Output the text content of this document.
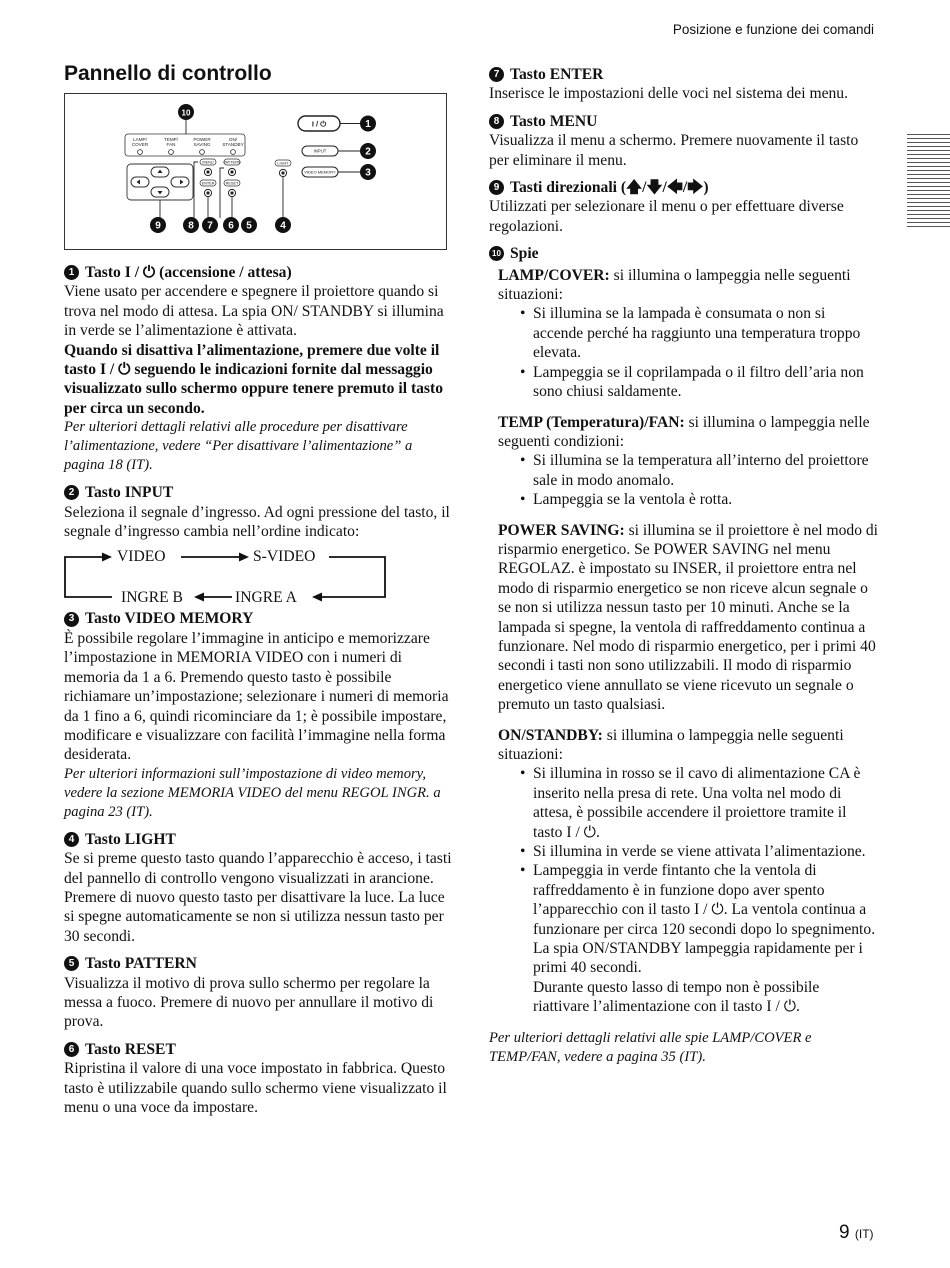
Posizione e funzione dei comandi
Pannello di controllo
LAMP/
COVER
TEMP/
FAN
POWER
SAVING
ON/
STANDBY
MENU	PATTERN
ENTER	RESET
LIGHT
I / ⏻
INPUT
VIDEO MEMORY
10
1
2
3
4
5
6
7
8
9
1 Tasto I / ⏻ (accensione / attesa)
Viene usato per accendere e spegnere il proiettore quando si trova nel modo di attesa. La spia ON/ STANDBY si illumina in verde se l’alimentazione è attivata.
Quando si disattiva l’alimentazione, premere due volte il tasto I / ⏻ seguendo le indicazioni fornite dal messaggio visualizzato sullo schermo oppure tenere premuto il tasto per circa un secondo.
Per ulteriori dettagli relativi alle procedure per disattivare l’alimentazione, vedere “Per disattivare l’alimentazione” a pagina 18 (IT).
2 Tasto INPUT
Seleziona il segnale d’ingresso. Ad ogni pressione del tasto, il segnale d’ingresso cambia nell’ordine indicato:
VIDEO	S-VIDEO
INGRE A
INGRE B
3 Tasto VIDEO MEMORY
È possibile regolare l’immagine in anticipo e memorizzare l’impostazione in MEMORIA VIDEO con i numeri di memoria da 1 a 6. Premendo questo tasto è possibile richiamare un’impostazione; selezionare i numeri di memoria da 1 fino a 6, quindi ricominciare da 1; è possibile impostare, modificare e visualizzare con facilità l’immagine nella forma desiderata.
Per ulteriori informazioni sull’impostazione di video memory, vedere la sezione MEMORIA VIDEO del menu REGOL INGR. a pagina 23 (IT).
4 Tasto LIGHT
Se si preme questo tasto quando l’apparecchio è acceso, i tasti del pannello di controllo vengono visualizzati in arancione.
Premere di nuovo questo tasto per disattivare la luce. La luce si spegne automaticamente se non si utilizza nessun tasto per 30 secondi.
5 Tasto PATTERN
Visualizza il motivo di prova sullo schermo per regolare la messa a fuoco. Premere di nuovo per annullare il motivo di prova.
6 Tasto RESET
Ripristina il valore di una voce impostato in fabbrica. Questo tasto è utilizzabile quando sullo schermo viene visualizzato il menu o una voce da impostare.
7 Tasto ENTER
Inserisce le impostazioni delle voci nel sistema dei menu.
8 Tasto MENU
Visualizza il menu a schermo. Premere nuovamente il tasto per eliminare il menu.
9 Tasti direzionali (🡅/🡇/🡄/🡆)
Utilizzati per selezionare il menu o per effettuare diverse regolazioni.
10 Spie
LAMP/COVER: si illumina o lampeggia nelle seguenti situazioni:
• Si illumina se la lampada è consumata o non si accende perché ha raggiunto una temperatura troppo elevata.
• Lampeggia se il coprilampada o il filtro dell’aria non sono chiusi saldamente.
TEMP (Temperatura)/FAN: si illumina o lampeggia nelle seguenti condizioni:
• Si illumina se la temperatura all’interno del proiettore sale in modo anomalo.
• Lampeggia se la ventola è rotta.
POWER SAVING: si illumina se il proiettore è nel modo di risparmio energetico. Se POWER SAVING nel menu REGOLAZ. è impostato su INSER, il proiettore entra nel modo di risparmio energetico se non riceve alcun segnale o se non si utilizza nessun tasto per 10 minuti. Anche se la lampada si spegne, la ventola di raffreddamento continua a funzionare. Nel modo di risparmio energetico, per i primi 40 secondi i tasti non sono utilizzabili. Il modo di risparmio energetico viene annullato se viene ricevuto un segnale o premuto un tasto qualsiasi.
ON/STANDBY: si illumina o lampeggia nelle seguenti situazioni:
• Si illumina in rosso se il cavo di alimentazione CA è inserito nella presa di rete. Una volta nel modo di attesa, è possibile accendere il proiettore tramite il tasto I / ⏻.
• Si illumina in verde se viene attivata l’alimentazione.
• Lampeggia in verde fintanto che la ventola di raffreddamento è in funzione dopo aver spento l’apparecchio con il tasto I / ⏻. La ventola continua a funzionare per circa 120 secondi dopo lo spegnimento.
La spia ON/STANDBY lampeggia rapidamente per i primi 40 secondi.
Durante questo lasso di tempo non è possibile riattivare l’alimentazione con il tasto I / ⏻.
Per ulteriori dettagli relativi alle spie LAMP/COVER e TEMP/FAN, vedere a pagina 35 (IT).
9 (IT)
